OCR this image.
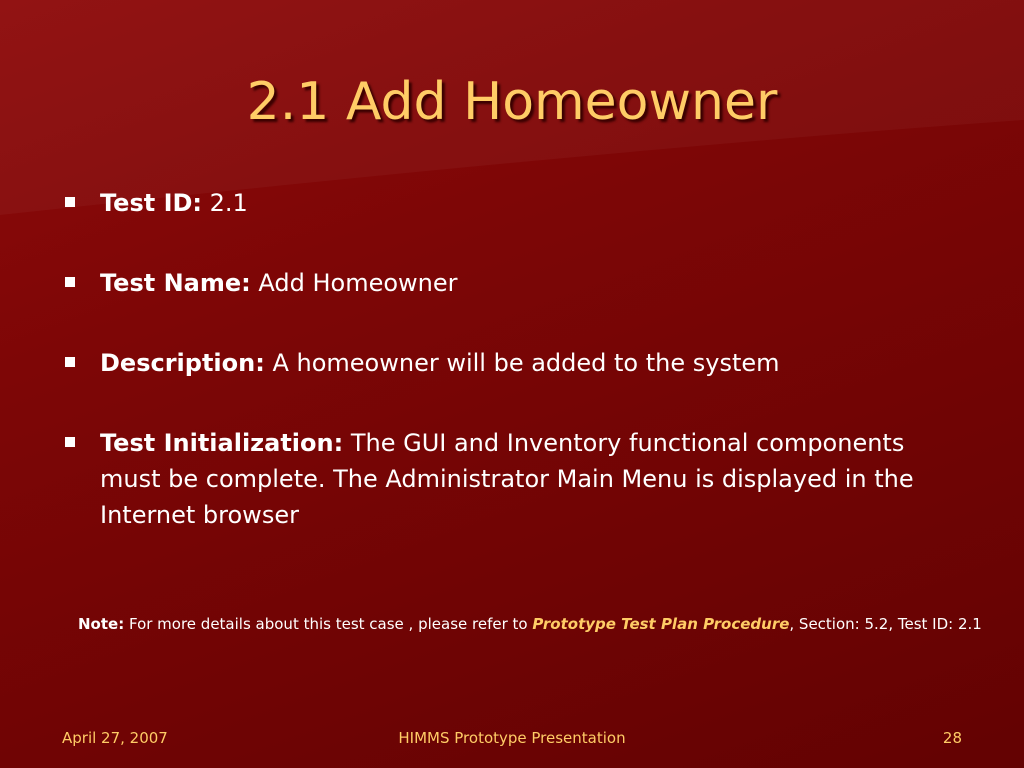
2.1 Add Homeowner
Test ID: 2.1
Test Name: Add Homeowner
Description: A homeowner will be added to the system
Test Initialization: The GUI and Inventory functional components must be complete. The Administrator Main Menu is displayed in the Internet browser

Note: For more details about this test case , please refer to Prototype Test Plan Procedure, Section: 5.2, Test ID: 2.1

April 27, 2007	HIMMS Prototype Presentation	28
